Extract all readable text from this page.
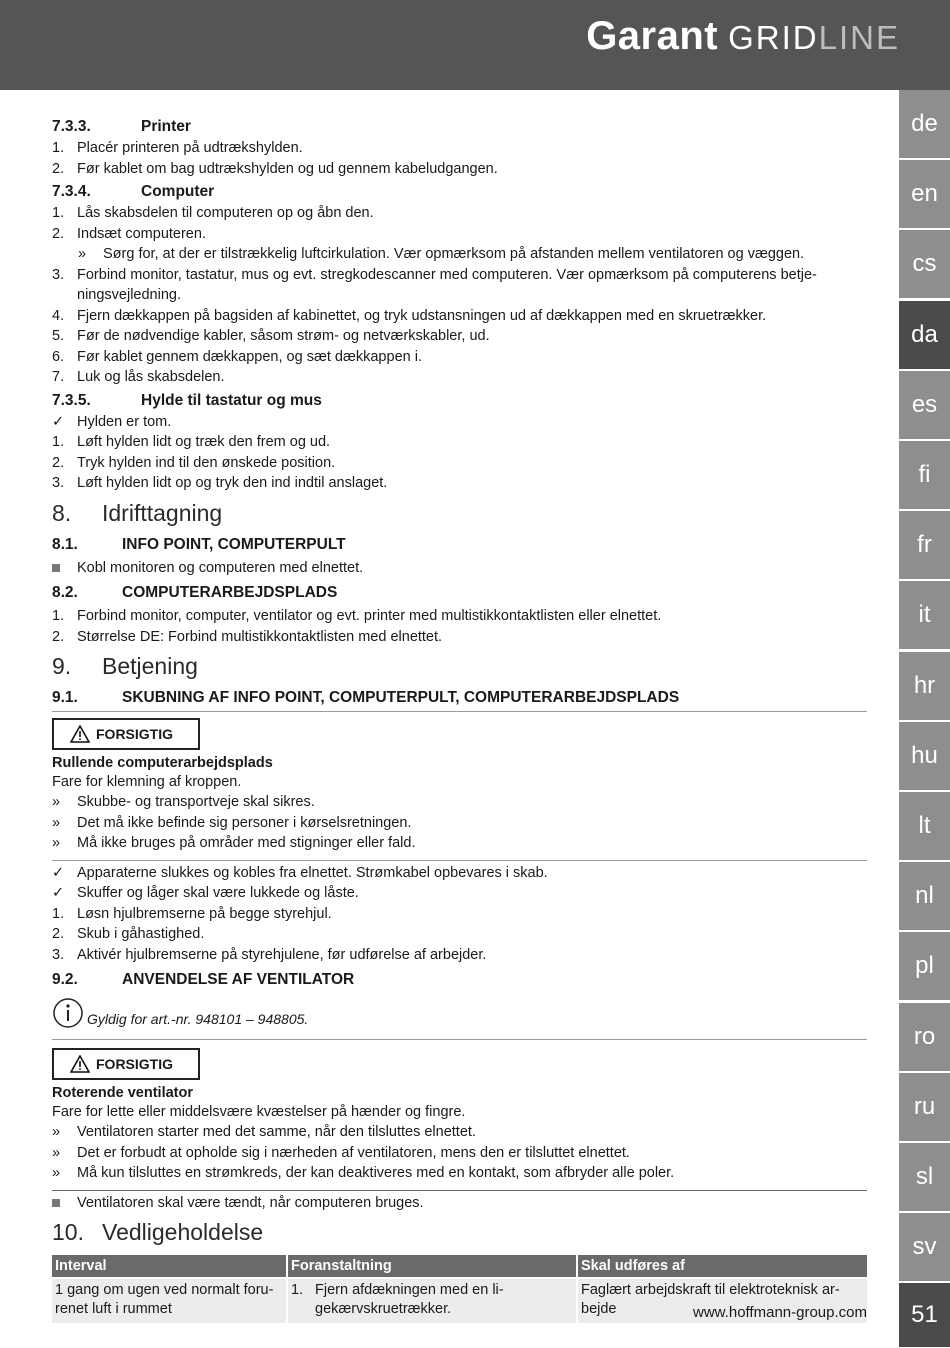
Garant GRIDLINE
de
en
cs
da
es
fi
fr
it
hr
hu
lt
nl
pl
ro
ru
sl
sv
51
7.3.3.	Printer
1. Placér printeren på udtrækshylden.
2. Før kablet om bag udtrækshylden og ud gennem kabeludgangen.
7.3.4.	Computer
1. Lås skabsdelen til computeren op og åbn den.
2. Indsæt computeren.
»	Sørg for, at der er tilstrækkelig luftcirkulation. Vær opmærksom på afstanden mellem ventilatoren og væggen.
3. Forbind monitor, tastatur, mus og evt. stregkodescanner med computeren. Vær opmærksom på computerens betje-ningsvejledning.
4. Fjern dækkappen på bagsiden af kabinettet, og tryk udstansningen ud af dækkappen med en skruetrækker.
5. Før de nødvendige kabler, såsom strøm- og netværkskabler, ud.
6. Før kablet gennem dækkappen, og sæt dækkappen i.
7. Luk og lås skabsdelen.
7.3.5.	Hylde til tastatur og mus
✓ Hylden er tom.
1. Løft hylden lidt og træk den frem og ud.
2. Tryk hylden ind til den ønskede position.
3. Løft hylden lidt op og tryk den ind indtil anslaget.
8. Idrifttagning
8.1.	INFO POINT, COMPUTERPULT
Kobl monitoren og computeren med elnettet.
8.2.	COMPUTERARBEJDSPLADS
1. Forbind monitor, computer, ventilator og evt. printer med multistikkontaktlisten eller elnettet.
2. Størrelse DE: Forbind multistikkontaktlisten med elnettet.
9. Betjening
9.1.	SKUBNING AF INFO POINT, COMPUTERPULT, COMPUTERARBEJDSPLADS
FORSIGTIG
Rullende computerarbejdsplads
Fare for klemning af kroppen.
»	Skubbe- og transportveje skal sikres.
»	Det må ikke befinde sig personer i kørselsretningen.
»	Må ikke bruges på områder med stigninger eller fald.
✓ Apparaterne slukkes og kobles fra elnettet. Strømkabel opbevares i skab.
✓ Skuffer og låger skal være lukkede og låste.
1. Løsn hjulbremserne på begge styrehjul.
2. Skub i gåhastighed.
3. Aktivér hjulbremserne på styrehjulene, før udførelse af arbejder.
9.2.	ANVENDELSE AF VENTILATOR
Gyldig for art.-nr. 948101 – 948805.
FORSIGTIG
Roterende ventilator
Fare for lette eller middelsvære kvæstelser på hænder og fingre.
»	Ventilatoren starter med det samme, når den tilsluttes elnettet.
»	Det er forbudt at opholde sig i nærheden af ventilatoren, mens den er tilsluttet elnettet.
»	Må kun tilsluttes en strømkreds, der kan deaktiveres med en kontakt, som afbryder alle poler.
Ventilatoren skal være tændt, når computeren bruges.
10. Vedligeholdelse
Interval	Foranstaltning	Skal udføres af
1 gang om ugen ved normalt foru-renet luft i rummet	1. Fjern afdækningen med en li-gekærvskruetrækker.	Faglært arbejdskraft til elektroteknisk ar-bejde	www.hoffmann-group.com
